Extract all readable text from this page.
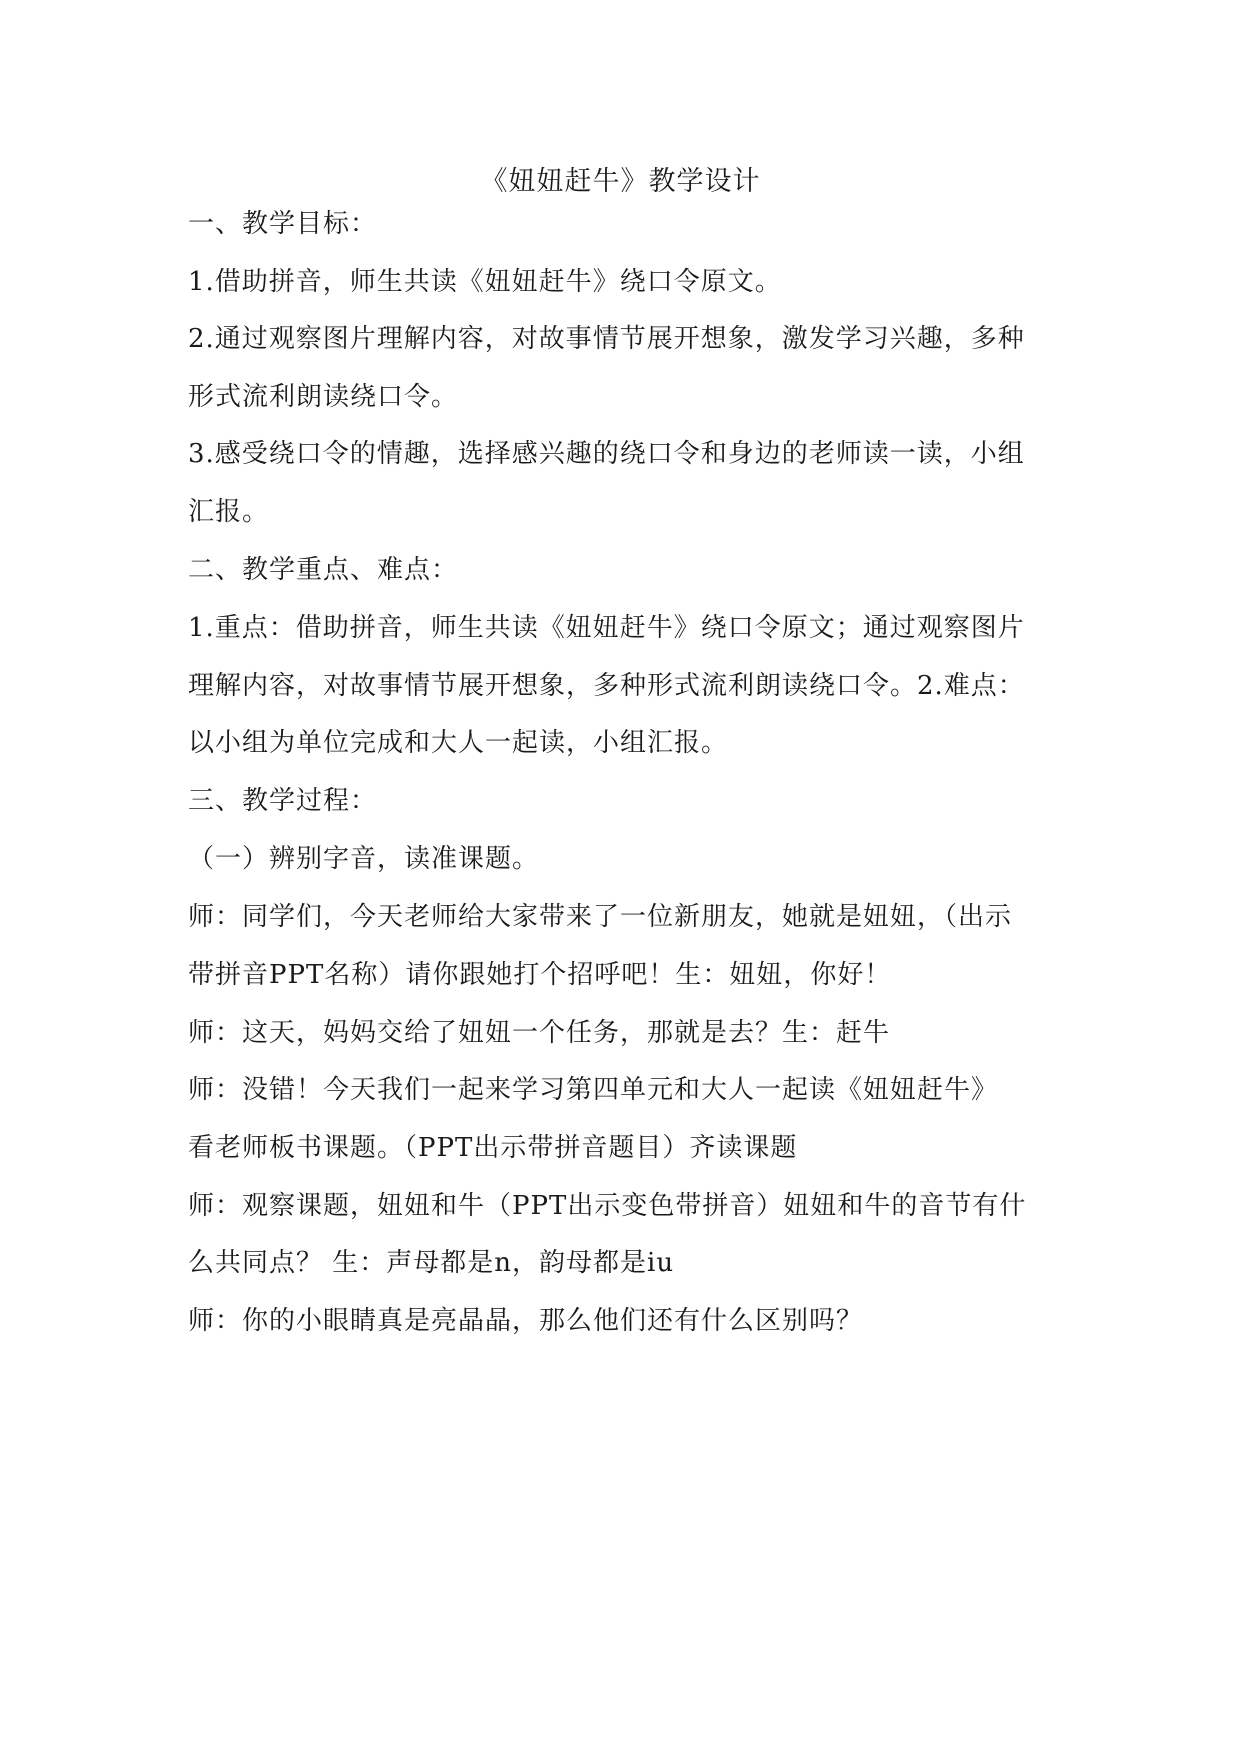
《妞妞赶牛》教学设计
一、教学目标：
1.借助拼音，师生共读《妞妞赶牛》绕口令原文。
2.通过观察图片理解内容，对故事情节展开想象，激发学习兴趣，多种
形式流利朗读绕口令。
3.感受绕口令的情趣，选择感兴趣的绕口令和身边的老师读一读，小组
汇报。
二、教学重点、难点：
1.重点：借助拼音，师生共读《妞妞赶牛》绕口令原文；通过观察图片
理解内容，对故事情节展开想象，多种形式流利朗读绕口令。2.难点：
以小组为单位完成和大人一起读，小组汇报。
三、教学过程：
（一）辨别字音，读准课题。
师：同学们，今天老师给大家带来了一位新朋友，她就是妞妞，（出示
带拼音PPT名称）请你跟她打个招呼吧！生：妞妞，你好！
师：这天，妈妈交给了妞妞一个任务，那就是去？生：赶牛
师：没错！今天我们一起来学习第四单元和大人一起读《妞妞赶牛》
看老师板书课题。（PPT出示带拼音题目）齐读课题
师：观察课题，妞妞和牛（PPT出示变色带拼音）妞妞和牛的音节有什
么共同点？ 生：声母都是n，韵母都是iu
师：你的小眼睛真是亮晶晶，那么他们还有什么区别吗？
